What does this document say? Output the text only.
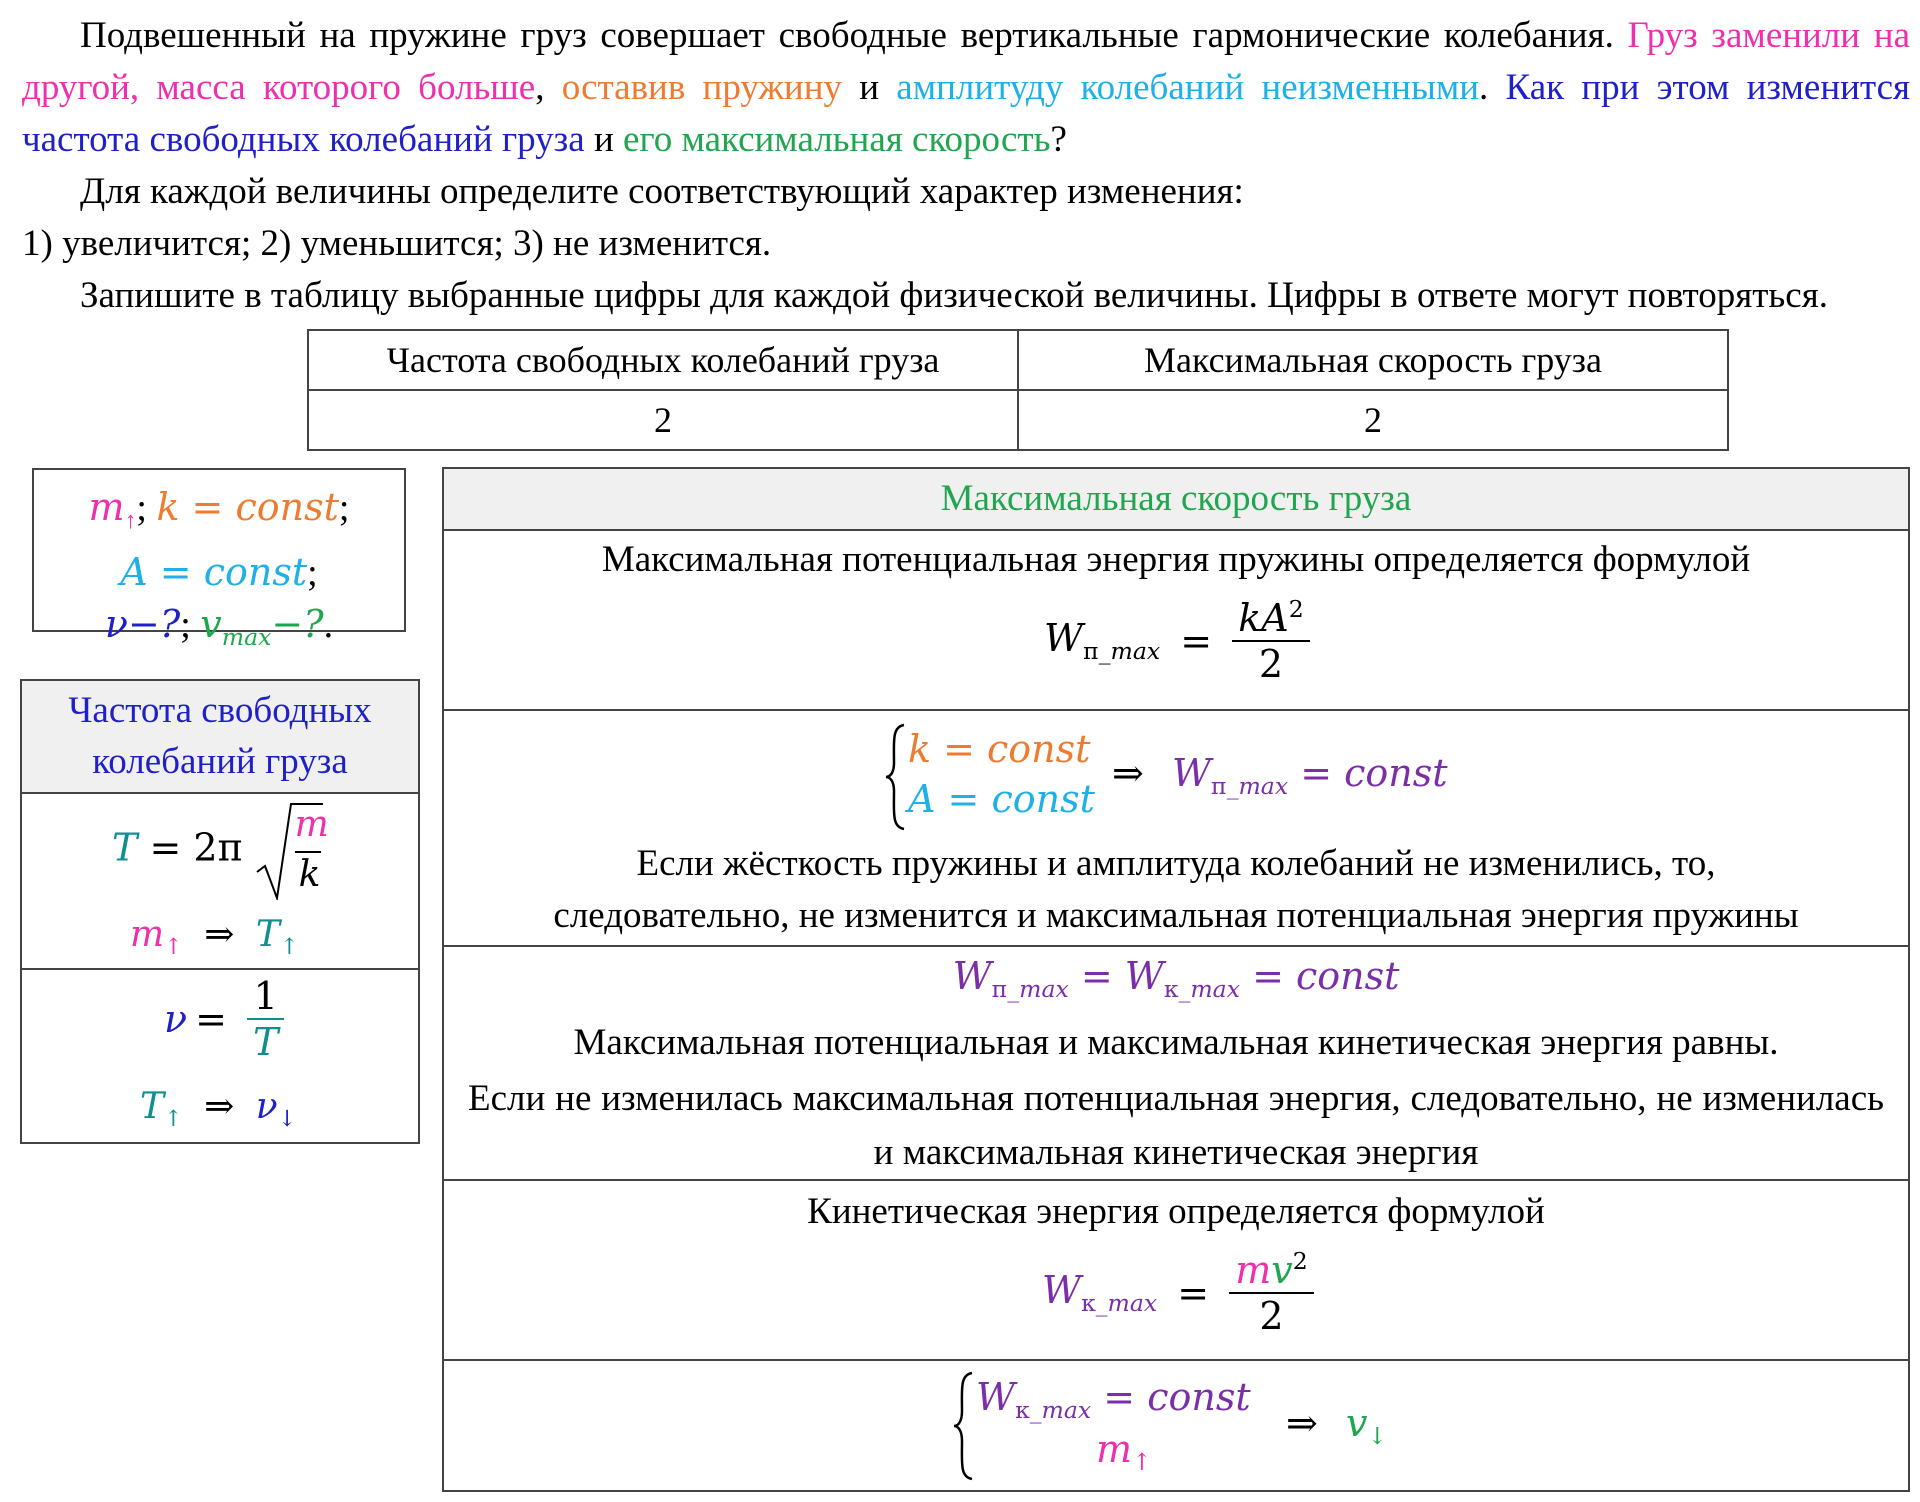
Подвешенный на пружине груз совершает свободные вертикальные гармонические колебания. Груз заменили на другой, масса которого больше, оставив пружину и амплитуду колебаний неизменными. Как при этом изменится частота свободных колебаний груза и его максимальная скорость?

Для каждой величины определите соответствующий характер изменения:

1) увеличится; 2) уменьшится; 3) не изменится.

Запишите в таблицу выбранные цифры для каждой физической величины. Цифры в ответе могут повторяться.

Частота свободных колебаний груза	Максимальная скорость груза
2	2
$m_↑$; k = const;
A = const;
ν−?; $v_{max}-$?.
Частота свободных колебаний груза
T = 2π
m
k
$m_↑$ ⇒ $T_↑$
$\nu = \frac{1}{T}$
$T_↑$ ⇒ $\nu_↓$
Максимальная скорость груза
Максимальная потенциальная энергия пружины определяется формулой
$W_{п\_max} = \frac{kA^2}{2}$
k = const
A = const
⇒ $W_{п\_max}$ = const
Если жёсткость пружины и амплитуда колебаний не изменились, то,
следовательно, не изменится и максимальная потенциальная энергия пружины
$W_{п\_max} = W_{к\_max}$ = const
Максимальная потенциальная и максимальная кинетическая энергия равны.
Если не изменилась максимальная потенциальная энергия, следовательно, не изменилась и максимальная кинетическая энергия
Кинетическая энергия определяется формулой
$W_{к\_max} = \frac{mv^2}{2}$
$W_{к\_max}$ = const
$m_↑$
⇒ $v_↓$
